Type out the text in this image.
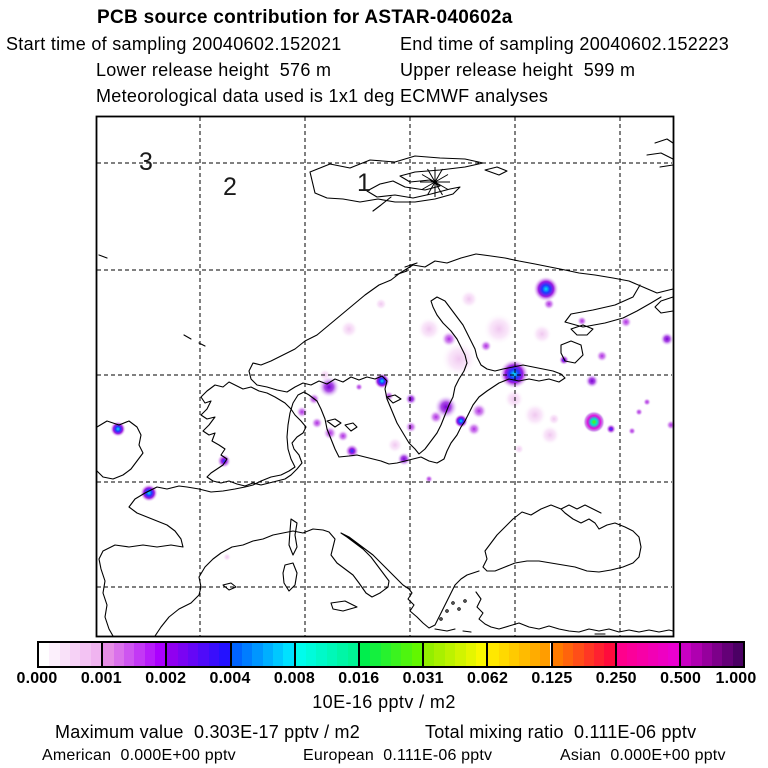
PCB source contribution for ASTAR-040602a
Start time of sampling 20040602.152021	End time of sampling 20040602.152223
Lower release height  576 m	Upper release height  599 m
Meteorological data used is 1x1 deg ECMWF analyses
3
2	1
0.000	0.001	0.002	0.004	0.008	0.016	0.031	0.062	0.125	0.250	0.500 1.000
10E-16 pptv / m2
Maximum value  0.303E-17 pptv / m2	Total mixing ratio  0.111E-06 pptv
American  0.000E+00 pptv	European  0.111E-06 pptv	Asian  0.000E+00 pptv
